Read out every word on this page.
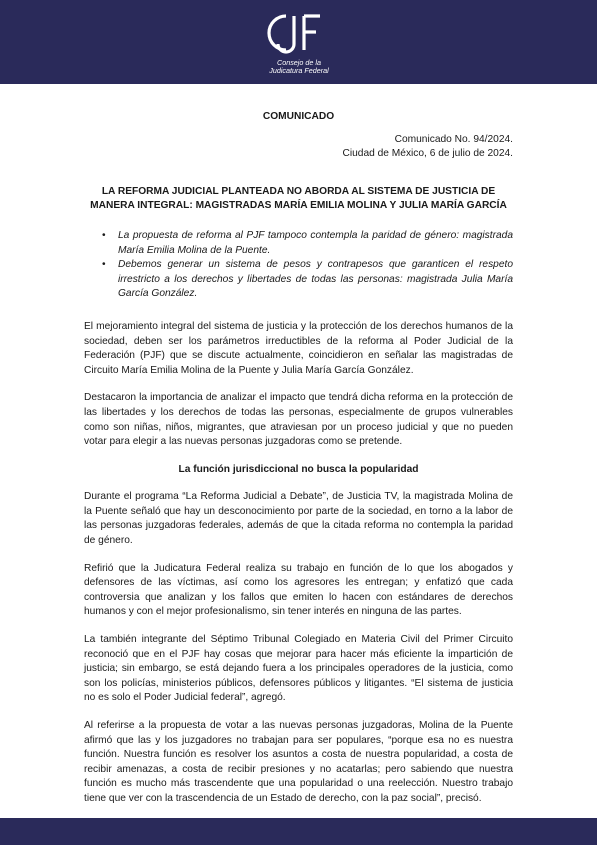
Consejo de la
Judicatura Federal

COMUNICADO

Comunicado No. 94/2024.

Ciudad de México, 6 de julio de 2024.

LA REFORMA JUDICIAL PLANTEADA NO ABORDA AL SISTEMA DE JUSTICIA DE MANERA INTEGRAL: MAGISTRADAS MARÍA EMILIA MOLINA Y JULIA MARÍA GARCÍA

• La propuesta de reforma al PJF tampoco contempla la paridad de género: magistrada María Emilia Molina de la Puente.
• Debemos generar un sistema de pesos y contrapesos que garanticen el respeto irrestricto a los derechos y libertades de todas las personas: magistrada Julia María García González.

El mejoramiento integral del sistema de justicia y la protección de los derechos humanos de la sociedad, deben ser los parámetros irreductibles de la reforma al Poder Judicial de la Federación (PJF) que se discute actualmente, coincidieron en señalar las magistradas de Circuito María Emilia Molina de la Puente y Julia María García González.

Destacaron la importancia de analizar el impacto que tendrá dicha reforma en la protección de las libertades y los derechos de todas las personas, especialmente de grupos vulnerables como son niñas, niños, migrantes, que atraviesan por un proceso judicial y que no pueden votar para elegir a las nuevas personas juzgadoras como se pretende.

La función jurisdiccional no busca la popularidad

Durante el programa “La Reforma Judicial a Debate”, de Justicia TV, la magistrada Molina de la Puente señaló que hay un desconocimiento por parte de la sociedad, en torno a la labor de las personas juzgadoras federales, además de que la citada reforma no contempla la paridad de género.

Refirió que la Judicatura Federal realiza su trabajo en función de lo que los abogados y defensores de las víctimas, así como los agresores les entregan; y enfatizó que cada controversia que analizan y los fallos que emiten lo hacen con estándares de derechos humanos y con el mejor profesionalismo, sin tener interés en ninguna de las partes.

La también integrante del Séptimo Tribunal Colegiado en Materia Civil del Primer Circuito reconoció que en el PJF hay cosas que mejorar para hacer más eficiente la impartición de justicia; sin embargo, se está dejando fuera a los principales operadores de la justicia, como son los policías, ministerios públicos, defensores públicos y litigantes. “El sistema de justicia no es solo el Poder Judicial federal”, agregó.

Al referirse a la propuesta de votar a las nuevas personas juzgadoras, Molina de la Puente afirmó que las y los juzgadores no trabajan para ser populares, “porque esa no es nuestra función. Nuestra función es resolver los asuntos a costa de nuestra popularidad, a costa de recibir amenazas, a costa de recibir presiones y no acatarlas; pero sabiendo que nuestra función es mucho más trascendente que una popularidad o una reelección. Nuestro trabajo tiene que ver con la trascendencia de un Estado de derecho, con la paz social”, precisó.
